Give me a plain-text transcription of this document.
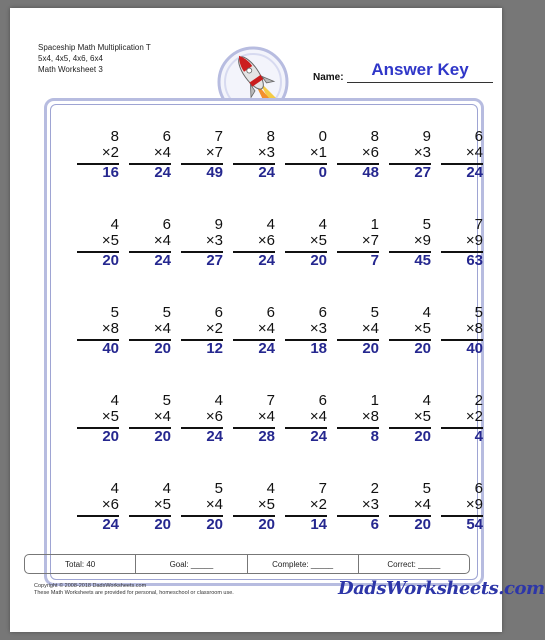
Spaceship Math Multiplication T
5x4, 4x5, 4x6, 6x4
Math Worksheet 3
Name:	Answer Key
8
×2
16
6
×4
24
7
×7
49
8
×3
24
0
×1
0
8
×6
48
9
×3
27
6
×4
24
4
×5
20
6
×4
24
9
×3
27
4
×6
24
4
×5
20
1
×7
7
5
×9
45
7
×9
63
5
×8
40
5
×4
20
6
×2
12
6
×4
24
6
×3
18
5
×4
20
4
×5
20
5
×8
40
4
×5
20
5
×4
20
4
×6
24
7
×4
28
6
×4
24
1
×8
8
4
×5
20
2
×2
4
4
×6
24
4
×5
20
5
×4
20
4
×5
20
7
×2
14
2
×3
6
5
×4
20
6
×9
54
Total: 40	Goal: _____	Complete: _____	Correct: _____
Copyright © 2008-2018 DadsWorksheets.com
These Math Worksheets are provided for personal, homeschool or classroom use.	DadsWorksheets.com
